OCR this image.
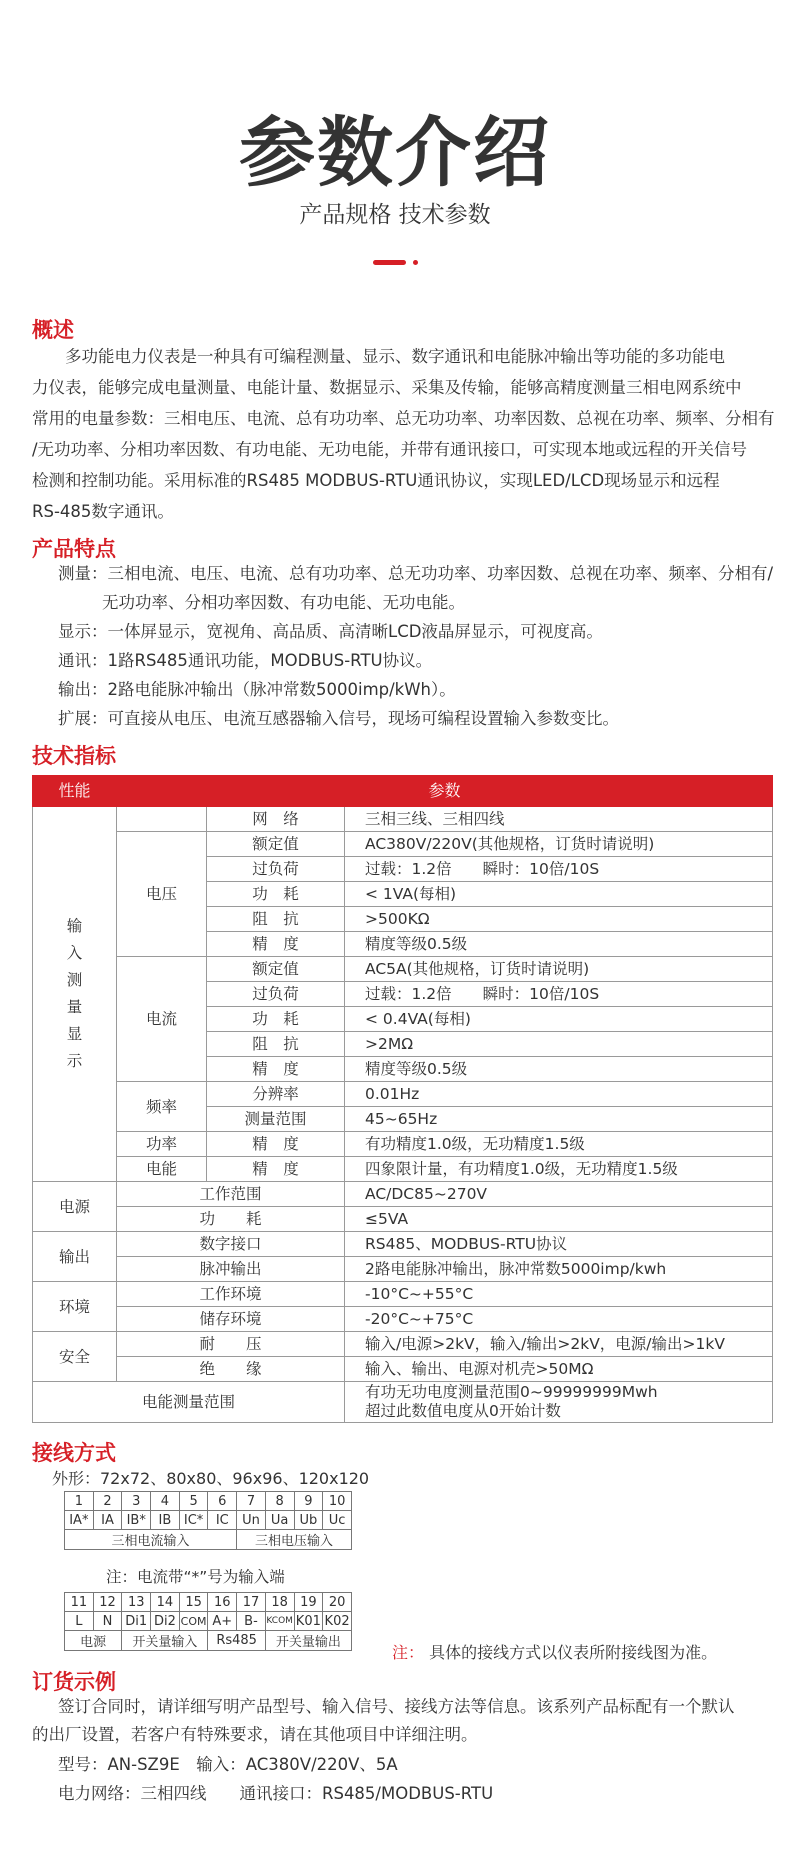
参数介绍
产品规格 技术参数
概述
多功能电力仪表是一种具有可编程测量、显示、数字通讯和电能脉冲输出等功能的多功能电
力仪表，能够完成电量测量、电能计量、数据显示、采集及传输，能够高精度测量三相电网系统中
常用的电量参数：三相电压、电流、总有功功率、总无功功率、功率因数、总视在功率、频率、分相有
/无功功率、分相功率因数、有功电能、无功电能，并带有通讯接口，可实现本地或远程的开关信号
检测和控制功能。采用标准的RS485 MODBUS-RTU通讯协议，实现LED/LCD现场显示和远程
RS-485数字通讯。
产品特点
测量：三相电流、电压、电流、总有功功率、总无功功率、功率因数、总视在功率、频率、分相有/
无功功率、分相功率因数、有功电能、无功电能。
显示：一体屏显示，宽视角、高品质、高清晰LCD液晶屏显示，可视度高。
通讯：1路RS485通讯功能，MODBUS-RTU协议。
输出：2路电能脉冲输出（脉冲常数5000imp/kWh）。
扩展：可直接从电压、电流互感器输入信号，现场可编程设置输入参数变比。
技术指标
性能	参数		
输入测量显示		网　络	三相三线、三相四线
	电压	额定值	AC380V/220V(其他规格，订货时请说明)
		过负荷	过载：1.2倍　　瞬时：10倍/10S
		功　耗	< 1VA(每相)
		阻　抗	>500KΩ
		精　度	精度等级0.5级
	电流	额定值	AC5A(其他规格，订货时请说明)
		过负荷	过载：1.2倍　　瞬时：10倍/10S
		功　耗	< 0.4VA(每相)
		阻　抗	>2MΩ
		精　度	精度等级0.5级
	频率	分辨率	0.01Hz
		测量范围	45~65Hz
	功率	精　度	有功精度1.0级，无功精度1.5级
	电能	精　度	四象限计量，有功精度1.0级，无功精度1.5级
电源	工作范围		AC/DC85~270V
	功　　耗		≤5VA
输出	数字接口		RS485、MODBUS-RTU协议
	脉冲输出		2路电能脉冲输出，脉冲常数5000imp/kwh
环境	工作环境		-10°C~+55°C
	储存环境		-20°C~+75°C
安全	耐　　压		输入/电源>2kV，输入/输出>2kV，电源/输出>1kV
	绝　　缘		输入、输出、电源对机壳>50MΩ
电能测量范围			有功无功电度测量范围0~99999999Mwh
超过此数值电度从0开始计数
接线方式
外形：72x72、80x80、96x96、120x120
1	2	3	4	5	6	7	8	9	10
IA*	IA	IB*	IB	IC*	IC	Un	Ua	Ub	Uc
三相电流输入						三相电压输入			
注：电流带“*”号为输入端
11	12	13	14	15	16	17	18	19	20
L	N	Di1	Di2	COM	A+	B-	KCOM	K01	K02
电源		开关量输入			Rs485		开关量输出		
注： 具体的接线方式以仪表所附接线图为准。
订货示例
签订合同时，请详细写明产品型号、输入信号、接线方法等信息。该系列产品标配有一个默认
的出厂设置，若客户有特殊要求，请在其他项目中详细注明。
型号：AN-SZ9E　输入：AC380V/220V、5A
电力网络：三相四线　　通讯接口：RS485/MODBUS-RTU
